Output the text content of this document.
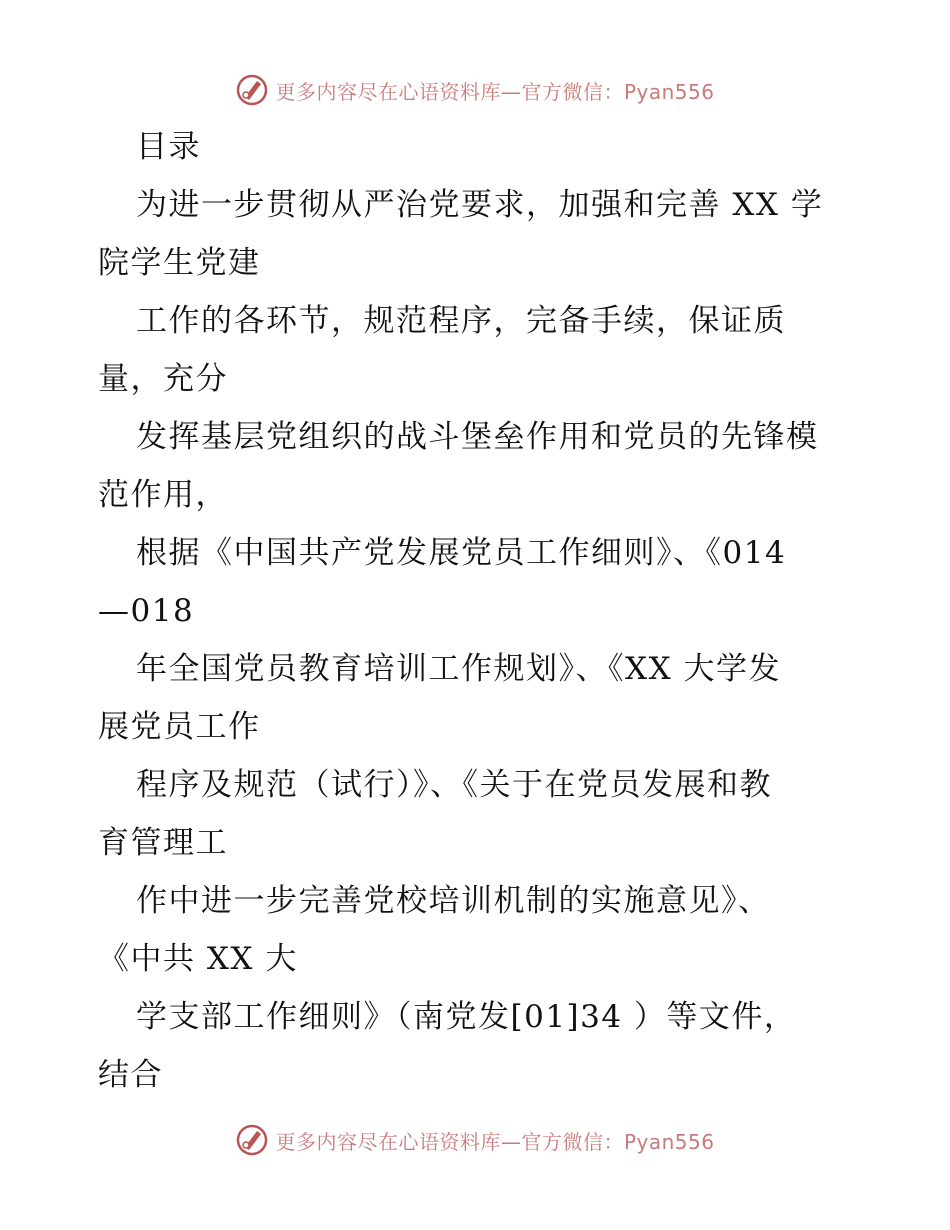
更多内容尽在心语资料库—官方微信：Pyan556
目录
为进一步贯彻从严治党要求，加强和完善 XX 学
院学生党建
工作的各环节，规范程序，完备手续，保证质
量，充分
发挥基层党组织的战斗堡垒作用和党员的先锋模
范作用，
根据《中国共产党发展党员工作细则》、《014
—018
年全国党员教育培训工作规划》、《XX 大学发
展党员工作
程序及规范（试行）》、《关于在党员发展和教
育管理工
作中进一步完善党校培训机制的实施意见》、
《中共 XX 大
学支部工作细则》（南党发[01]34 ）等文件，
结合
更多内容尽在心语资料库—官方微信：Pyan556
